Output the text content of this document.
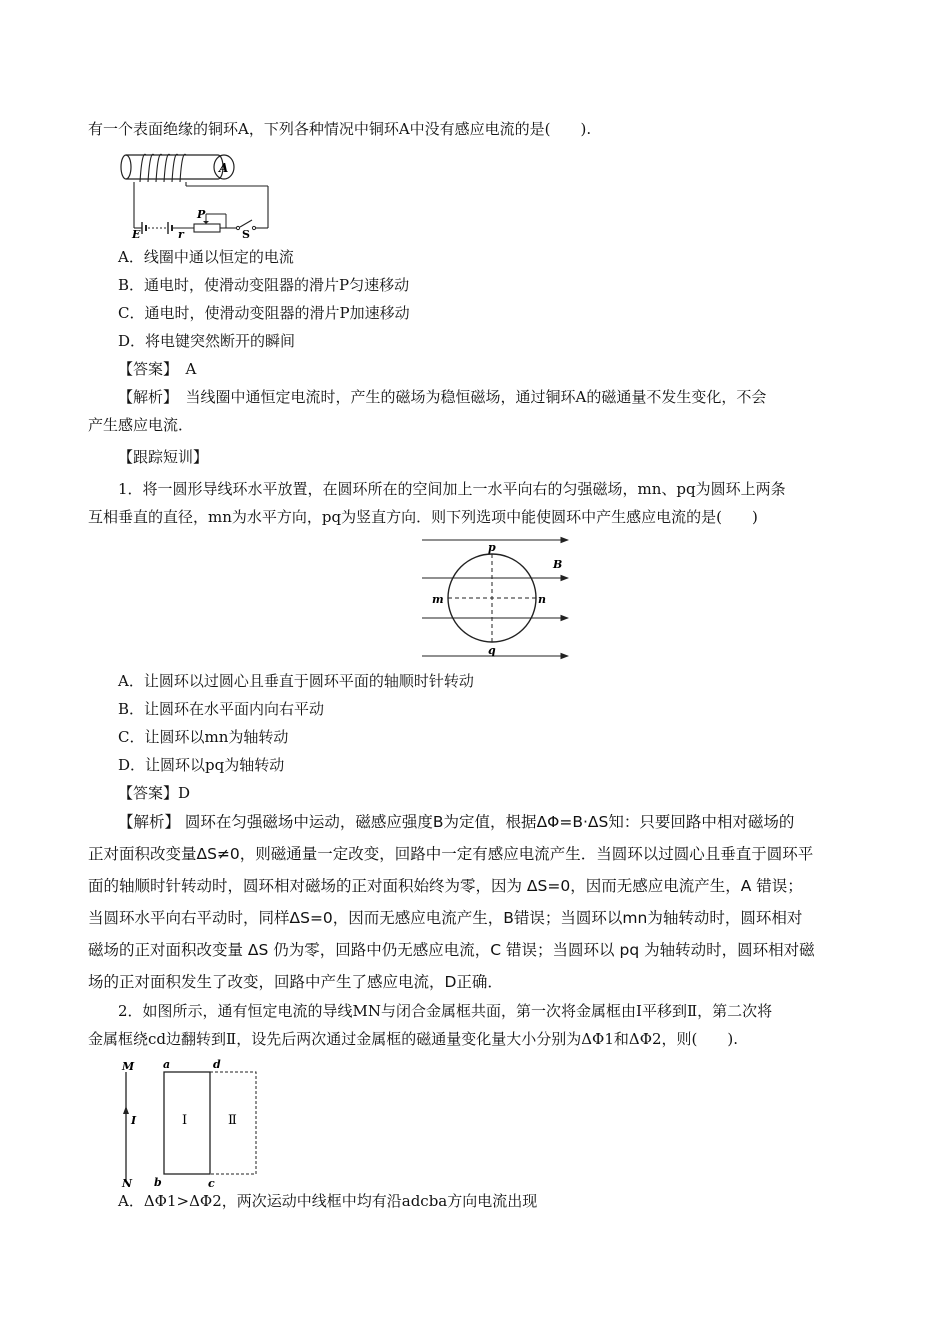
有一个表面绝缘的铜环A，下列各种情况中铜环A中没有感应电流的是(　　).
A
E	r
P
S
A．线圈中通以恒定的电流
B．通电时，使滑动变阻器的滑片P匀速移动
C．通电时，使滑动变阻器的滑片P加速移动
D．将电键突然断开的瞬间
【答案】　A
【解析】　当线圈中通恒定电流时，产生的磁场为稳恒磁场，通过铜环A的磁通量不发生变化，不会
产生感应电流．
【跟踪短训】
1．将一圆形导线环水平放置，在圆环所在的空间加上一水平向右的匀强磁场，mn、pq为圆环上两条
互相垂直的直径，mn为水平方向，pq为竖直方向．则下列选项中能使圆环中产生感应电流的是(　　)
p
q
m	n
B
A．让圆环以过圆心且垂直于圆环平面的轴顺时针转动
B．让圆环在水平面内向右平动
C．让圆环以mn为轴转动
D．让圆环以pq为轴转动
【答案】D
【解析】 圆环在匀强磁场中运动，磁感应强度B为定值，根据ΔΦ=B·ΔS知：只要回路中相对磁场的
正对面积改变量ΔS≠0，则磁通量一定改变，回路中一定有感应电流产生．当圆环以过圆心且垂直于圆环平
面的轴顺时针转动时，圆环相对磁场的正对面积始终为零，因为 ΔS=0，因而无感应电流产生，A 错误；
当圆环水平向右平动时，同样ΔS=0，因而无感应电流产生，B错误；当圆环以mn为轴转动时，圆环相对
磁场的正对面积改变量 ΔS 仍为零，回路中仍无感应电流，C 错误；当圆环以 pq 为轴转动时，圆环相对磁
场的正对面积发生了改变，回路中产生了感应电流，D正确．
2．如图所示，通有恒定电流的导线MN与闭合金属框共面，第一次将金属框由Ⅰ平移到Ⅱ，第二次将
金属框绕cd边翻转到Ⅱ，设先后两次通过金属框的磁通量变化量大小分别为ΔΦ1和ΔΦ2，则(　　).
M
N
I
a	d
b	c
Ⅰ	Ⅱ
A．ΔΦ1>ΔΦ2，两次运动中线框中均有沿adcba方向电流出现
